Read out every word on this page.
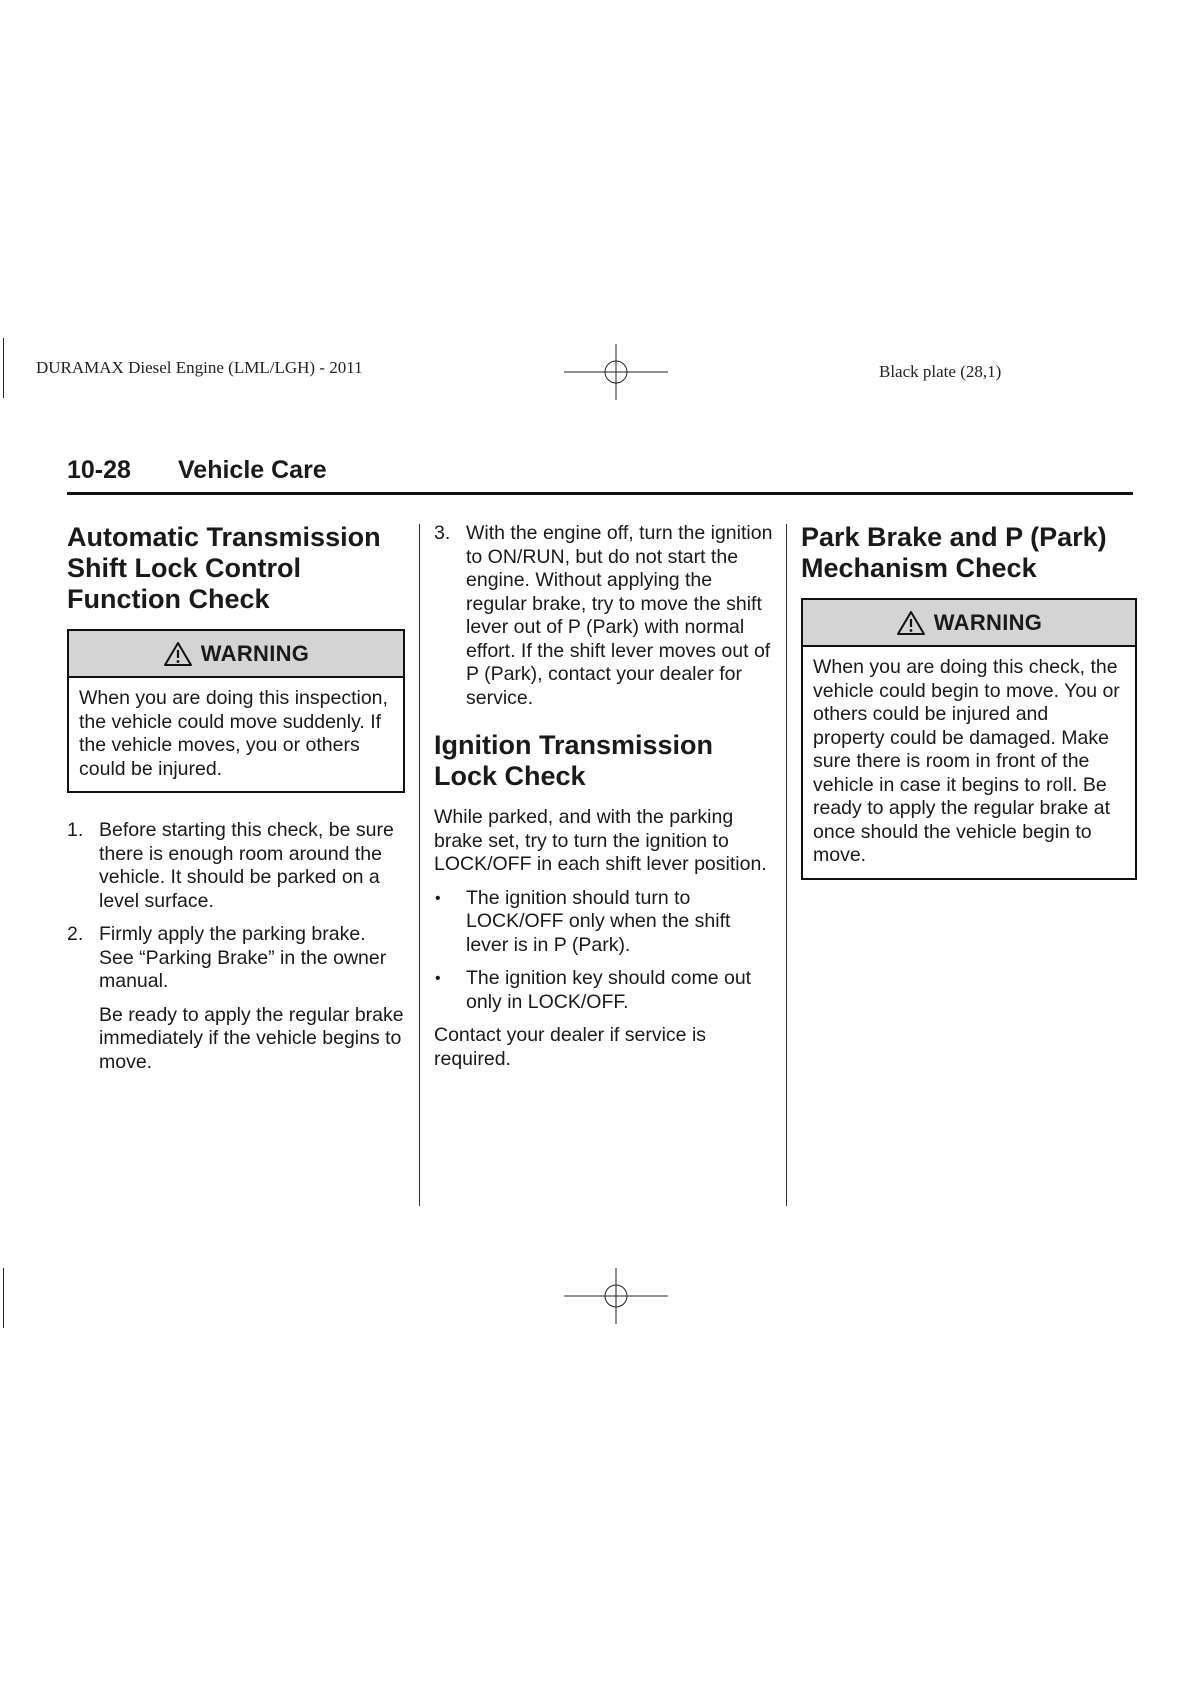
DURAMAX Diesel Engine (LML/LGH) - 2011	Black plate (28,1)
10-28 Vehicle Care
Automatic Transmission Shift Lock Control Function Check
WARNING
When you are doing this inspection, the vehicle could move suddenly. If the vehicle moves, you or others could be injured.
1. Before starting this check, be sure there is enough room around the vehicle. It should be parked on a level surface.
2. Firmly apply the parking brake. See “Parking Brake” in the owner manual.
Be ready to apply the regular brake immediately if the vehicle begins to move.
3. With the engine off, turn the ignition to ON/RUN, but do not start the engine. Without applying the regular brake, try to move the shift lever out of P (Park) with normal effort. If the shift lever moves out of P (Park), contact your dealer for service.
Ignition Transmission Lock Check
While parked, and with the parking brake set, try to turn the ignition to LOCK/OFF in each shift lever position.
• The ignition should turn to LOCK/OFF only when the shift lever is in P (Park).
• The ignition key should come out only in LOCK/OFF.
Contact your dealer if service is required.
Park Brake and P (Park) Mechanism Check
WARNING
When you are doing this check, the vehicle could begin to move. You or others could be injured and property could be damaged. Make sure there is room in front of the vehicle in case it begins to roll. Be ready to apply the regular brake at once should the vehicle begin to move.
